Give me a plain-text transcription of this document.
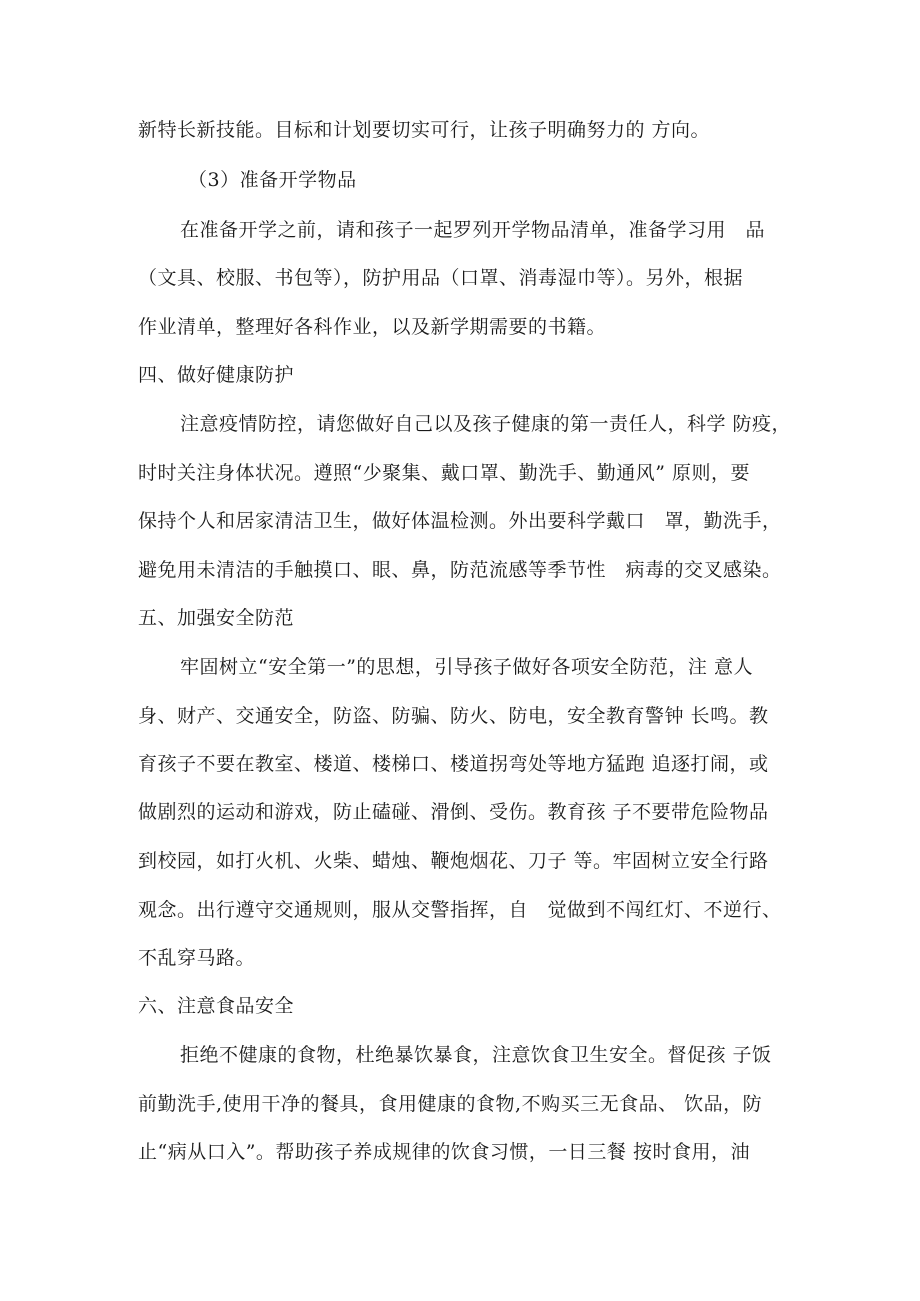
新特长新技能。目标和计划要切实可行，让孩子明确努力的 方向。
（3）准备开学物品
在准备开学之前，请和孩子一起罗列开学物品清单，准备学习用　品
（文具、校服、书包等），防护用品（口罩、消毒湿巾等）。另外，根据
作业清单，整理好各科作业，以及新学期需要的书籍。
四、做好健康防护
注意疫情防控，请您做好自己以及孩子健康的第一责任人，科学 防疫，
时时关注身体状况。遵照“少聚集、戴口罩、勤洗手、勤通风” 原则，要
保持个人和居家清洁卫生，做好体温检测。外出要科学戴口　罩，勤洗手，
避免用未清洁的手触摸口、眼、鼻，防范流感等季节性　病毒的交叉感染。
五、加强安全防范
牢固树立“安全第一”的思想，引导孩子做好各项安全防范，注 意人
身、财产、交通安全，防盗、防骗、防火、防电，安全教育警钟 长鸣。教
育孩子不要在教室、楼道、楼梯口、楼道拐弯处等地方猛跑 追逐打闹，或
做剧烈的运动和游戏，防止磕碰、滑倒、受伤。教育孩 子不要带危险物品
到校园，如打火机、火柴、蜡烛、鞭炮烟花、刀子 等。牢固树立安全行路
观念。出行遵守交通规则，服从交警指挥，自　觉做到不闯红灯、不逆行、
不乱穿马路。
六、注意食品安全
拒绝不健康的食物，杜绝暴饮暴食，注意饮食卫生安全。督促孩 子饭
前勤洗手,使用干净的餐具，食用健康的食物,不购买三无食品、 饮品，防
止“病从口入”。帮助孩子养成规律的饮食习惯，一日三餐 按时食用，油
